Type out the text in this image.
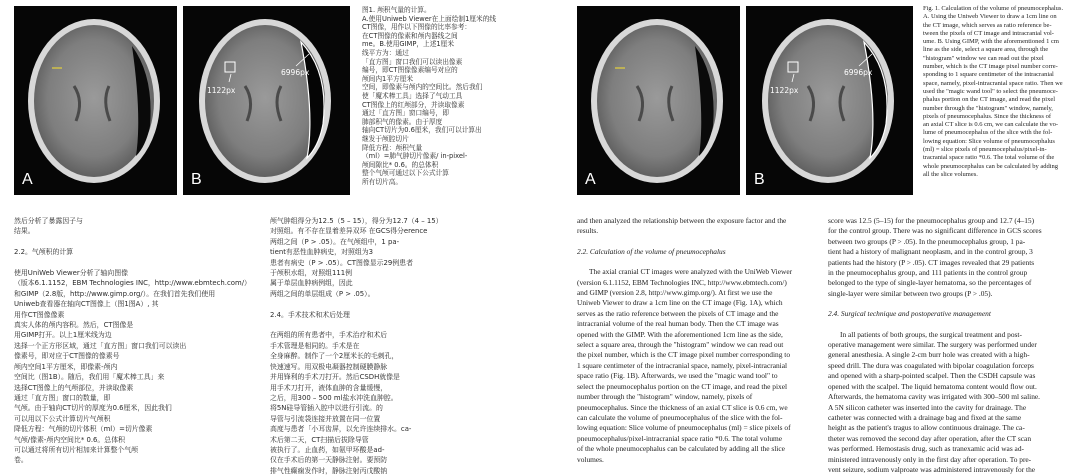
A
1122px
6996px
B
图1. 颅积气量的计算。
A.使用Uniweb Viewer在上面绘制1厘米的线
CT图像，用作以下图像的比率参考：
在CT图像的像素和颅内器线之间
me。B.使用GIMP，上述1厘米
线平方为：通过
「直方图」窗口我们可以读出像素
编号，即CT图像像素编号对应的
颅间内1平方厘米
空间，即像素与颅内的空间比。然后我们
使「魔术棒工具」选择了气动工具
CT图像上的红颅部分，并读取像素
通过「直方图」窗口编号，即
肺部积气的像素。由于厚度
轴向CT切片为0.6厘米，我们可以计算出
继发于颅腔切片
降低方程：颅积气量
（ml）=肺气肿切片像素/ in-pixel-
颅间隙比* 0.6。的总体积
整个气颅可通过以下公式计算
所有切片高。
然后分析了暴露因子与
结果。

2.2。气颅积的计算

使用UniWeb Viewer分析了轴向图像
（版本6.1.1152，EBM Technologies INC，http://www.ebmtech.com/）
和GIMP（2.8版，http://www.gimp.org/）。在我们首先我们使用
Uniweb查看器在轴向CT图像上（图1图A）, 其
用作CT图像像素
真实人体的颅内容积。然后，CT图像是
用GIMP打开。以上1厘米线为边
选择一个正方形区域，通过「直方图」窗口我们可以读出
像素号，即对应于CT图像的像素号
颅内空间1平方厘米，即像素-颅内
空间比（图1B）。随后，我们用「魔术棒工具」来
选择CT图像上的气颅部位，并读取像素
通过「直方图」窗口的数量，即
气颅。由于轴向CT切片的厚度为0.6厘米，因此我们
可以用以下公式计算切片气颅积
降低方程：气颅的切片体积（ml）=切片像素
气颅/像素-颅内空间比* 0.6。总体积
可以通过将所有切片相加来计算整个气颅
卷。
颅气肿组得分为12.5（5 – 15），得分为12.7（4 – 15）
对照组。有不存在显着差异双环 在GCS得分erence
两组之间（P > .05）。在气颅组中，1 pa-
tient有恶性血肿病史，对照组为3
患者有病史（P > .05）。CT图像显示29例患者
于颅积水组，对照组111例
属于单层血肿病例组，因此
两组之间的单层组成（P > .05）。

2.4。手术技术和术后处理

在两组的所有患者中，手术治疗和术后
手术管理是相同的。手术是在
全身麻醉。制作了一个2厘米长的毛刺孔，
快速速写。用双极电凝器控制硬膜静脉
并用锋利的手术刀打开。然后CSDH就像是
用手术刀打开，液体血肿的含量缓慢，
之后，用300 – 500 ml盐水冲洗血肿腔。
将5N硅导管插入腔中以进行引流。的
导管与引流袋连接并放置在同一位置
高度与患者「小耳齿屏，以允许连续排水。ca-
术后第二天，CT扫描后拔除导管
被执行了。止血药，如氨甲环酸是ad-
仅在手术后的第一天静脉注射。要预防
排气性癫痫发作时，静脉注射丙戊酸钠
A
1122px
6996px
B
Fig. 1. Calculation of the volume of pneumocephalus.
A. Using the Uniweb Viewer to draw a 1cm line on
the CT image, which serves as ratio reference be-
tween the pixels of CT image and intracranial vol-
ume. B. Using GIMP, with the aforementioned 1 cm
line as the side, select a square area, through the
"histogram" window we can read out the pixel
number, which is the CT image pixel number corre-
sponding to 1 square centimeter of the intracranial
space, namely, pixel-intracranial space ratio. Then we
used the "magic wand tool" to select the pneumoce-
phalus portion on the CT image, and read the pixel
number through the "histogram" window, namely,
pixels of pneumocephalus. Since the thickness of
an axial CT slice is 0.6 cm, we can calculate the vo-
lume of pneumocephalus of the slice with the fol-
lowing equation: Slice volume of pneumocephalus
(ml) = slice pixels of pneumocephalus/pixel-in-
tracranial space ratio *0.6. The total volume of the
whole pneumocephalus can be calculated by adding
all the slice volumes.
and then analyzed the relationship between the exposure factor and the
results.

2.2. Calculation of the volume of pneumocephalus

The axial cranial CT images were analyzed with the UniWeb Viewer
(version 6.1.1152, EBM Technologies INC, http://www.ebmtech.com/)
and GIMP (version 2.8, http://www.gimp.org/). At first we use the
Uniweb Viewer to draw a 1cm line on the CT image (Fig. 1A), which
serves as the ratio reference between the pixels of CT image and the
intracranial volume of the real human body. Then the CT image was
opened with the GIMP. With the aforementioned 1cm line as the side,
select a square area, through the "histogram" window we can read out
the pixel number, which is the CT image pixel number corresponding to
1 square centimeter of the intracranial space, namely, pixel-intracranial
space ratio (Fig. 1B). Afterwards, we used the "magic wand tool" to
select the pneumocephalus portion on the CT image, and read the pixel
number through the "histogram" window, namely, pixels of
pneumocephalus. Since the thickness of an axial CT slice is 0.6 cm, we
can calculate the volume of pneumocephalus of the slice with the fol-
lowing equation: Slice volume of pneumocephalus (ml) = slice pixels of
pneumocephalus/pixel-intracranial space ratio *0.6. The total volume
of the whole pneumocephalus can be calculated by adding all the slice
volumes.
score was 12.5 (5–15) for the pneumocephalus group and 12.7 (4–15)
for the control group. There was no significant difference in GCS scores
between two groups (P > .05). In the pneumocephalus group, 1 pa-
tient had a history of malignant neoplasm, and in the control group, 3
patients had the history (P > .05). CT images revealed that 29 patients
in the pneumocephalus group, and 111 patients in the control group
belonged to the type of single-layer hematoma, so the percentages of
single-layer were similar between two groups (P > .05).

2.4. Surgical technique and postoperative management

In all patients of both groups, the surgical treatment and post-
operative management were similar. The surgery was performed under
general anesthesia. A single 2-cm burr hole was created with a high-
speed drill. The dura was coagulated with bipolar coagulation forceps
and opened with a sharp-pointed scalpel. Then the CSDH capsule was
opened with the scalpel. The liquid hematoma content would flow out.
Afterwards, the hematoma cavity was irrigated with 300–500 ml saline.
A 5N silicon catheter was inserted into the cavity for drainage. The
catheter was connected with a drainage bag and fixed at the same
height as the patient's tragus to allow continuous drainage. The ca-
theter was removed the second day after operation, after the CT scan
was performed. Hemostasis drug, such as tranexamic acid was ad-
ministered intravenously only in the first day after operation. To pre-
vent seizure, sodium valproate was administered intravenously for the
